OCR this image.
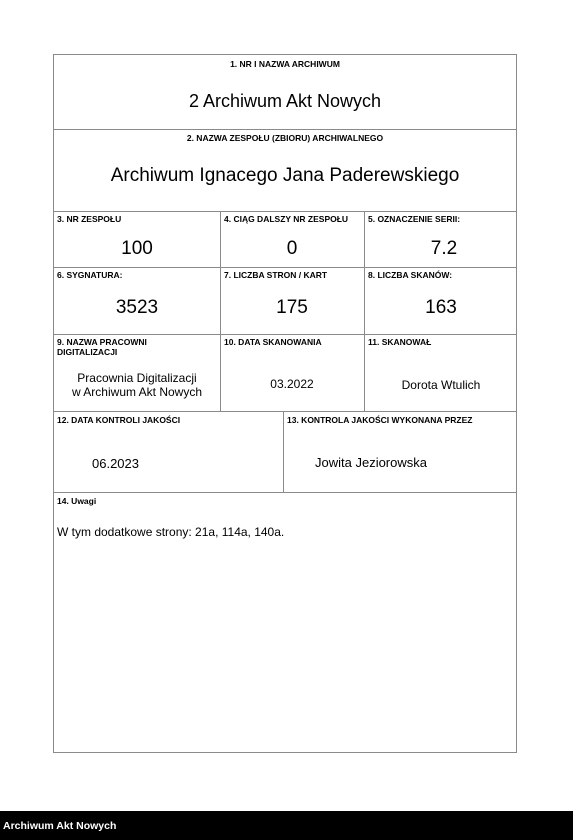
1. NR I NAZWA ARCHIWUM
2 Archiwum Akt Nowych
2. NAZWA ZESPOŁU (ZBIORU) ARCHIWALNEGO
Archiwum Ignacego Jana Paderewskiego
3. NR ZESPOŁU
100
4. CIĄG DALSZY NR ZESPOŁU
0
5. OZNACZENIE SERII:
7.2
6. SYGNATURA:
3523
7. LICZBA STRON / KART
175
8. LICZBA SKANÓW:
163
9. NAZWA PRACOWNI
DIGITALIZACJI
Pracownia Digitalizacji
w Archiwum Akt Nowych
10. DATA SKANOWANIA
03.2022
11. SKANOWAŁ
Dorota Wtulich
12. DATA KONTROLI JAKOŚCI
06.2023
13. KONTROLA JAKOŚCI WYKONANA PRZEZ
Jowita Jeziorowska
14. Uwagi
W tym dodatkowe strony: 21a, 114a, 140a.
Archiwum Akt Nowych
